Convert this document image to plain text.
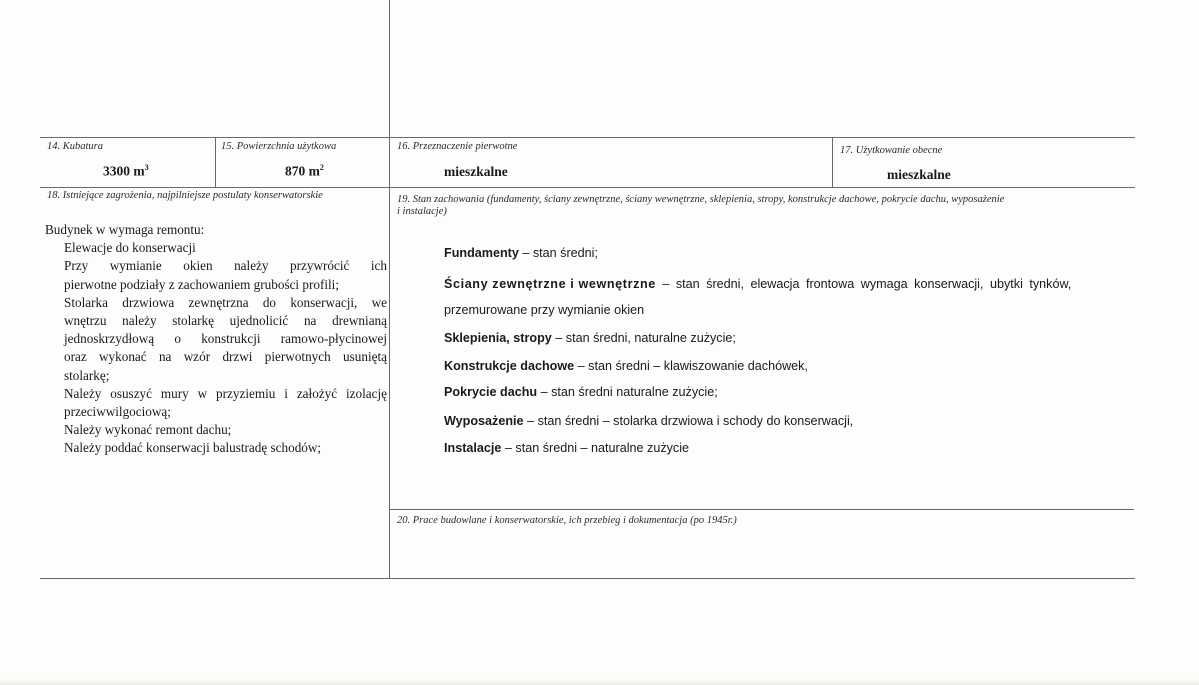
14. Kubatura
3300 $m^3$
15. Powierzchnia użytkowa
870 $m^2$
16. Przeznaczenie pierwotne
mieszkalne
17. Użytkowanie obecne
mieszkalne
18. Istniejące zagrożenia, najpilniejsze postulaty konserwatorskie
Budynek w wymaga remontu:
Elewacje do konserwacji
Przy wymianie okien należy przywrócić ich
pierwotne podziały z zachowaniem grubości profili;
Stolarka drzwiowa zewnętrzna do konserwacji, we
wnętrzu należy stolarkę ujednolicić na drewnianą
jednoskrzydłową o konstrukcji ramowo-płycinowej
oraz wykonać na wzór drzwi pierwotnych usuniętą
stolarkę;
Należy osuszyć mury w przyziemiu i założyć izolację
przeciwwilgociową;
Należy wykonać remont dachu;
Należy poddać konserwacji balustradę schodów;
19. Stan zachowania (fundamenty, ściany zewnętrzne, ściany wewnętrzne, sklepienia, stropy, konstrukcje dachowe, pokrycie dachu, wyposażenie
i instalacje)
Fundamenty – stan średni;
Ściany zewnętrzne i wewnętrzne – stan średni, elewacja frontowa wymaga konserwacji, ubytki tynków,
przemurowane przy wymianie okien
Sklepienia, stropy – stan średni, naturalne zużycie;
Konstrukcje dachowe – stan średni – klawiszowanie dachówek,
Pokrycie dachu – stan średni naturalne zużycie;
Wyposażenie – stan średni – stolarka drzwiowa i schody do konserwacji,
Instalacje – stan średni – naturalne zużycie
20. Prace budowlane i konserwatorskie, ich przebieg i dokumentacja (po 1945r.)
